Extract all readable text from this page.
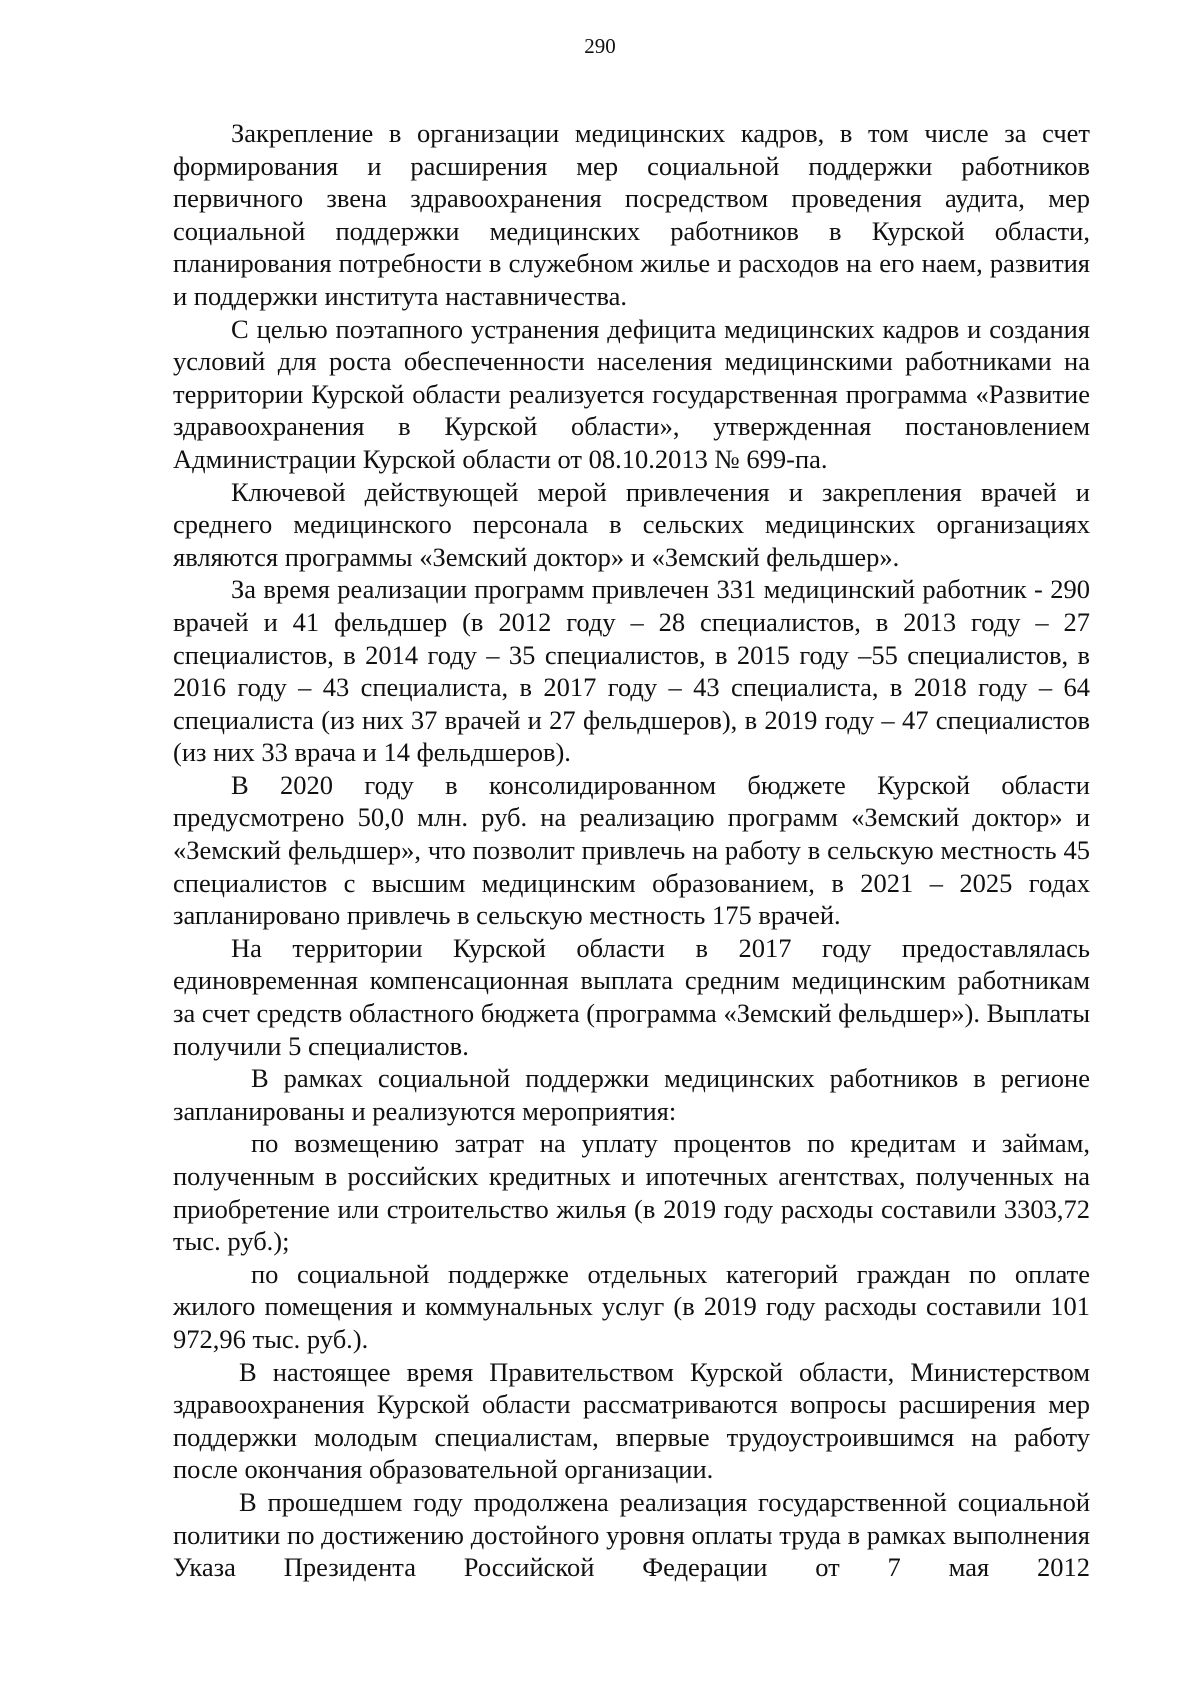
290

Закрепление в организации медицинских кадров, в том числе за счет формирования и расширения мер социальной поддержки работников первичного звена здравоохранения посредством проведения аудита, мер социальной поддержки медицинских работников в Курской области, планирования потребности в служебном жилье и расходов на его наем, развития и поддержки института наставничества.

С целью поэтапного устранения дефицита медицинских кадров и создания условий для роста обеспеченности населения медицинскими работниками на территории Курской области реализуется государственная программа «Развитие здравоохранения в Курской области», утвержденная постановлением Администрации Курской области от 08.10.2013 № 699-па.

Ключевой действующей мерой привлечения и закрепления врачей и среднего медицинского персонала в сельских медицинских организациях являются программы «Земский доктор» и «Земский фельдшер».

За время реализации программ привлечен 331 медицинский работник - 290 врачей и 41 фельдшер (в 2012 году – 28 специалистов, в 2013 году – 27 специалистов, в 2014 году – 35 специалистов, в 2015 году –55 специалистов, в 2016 году – 43 специалиста, в 2017 году – 43 специалиста, в 2018 году – 64 специалиста (из них 37 врачей и 27 фельдшеров), в 2019 году – 47 специалистов (из них 33 врача и 14 фельдшеров).

В 2020 году в консолидированном бюджете Курской области предусмотрено 50,0 млн. руб. на реализацию программ «Земский доктор» и «Земский фельдшер», что позволит привлечь на работу в сельскую местность 45 специалистов с высшим медицинским образованием, в 2021 – 2025 годах запланировано привлечь в сельскую местность 175 врачей.

На территории Курской области в 2017 году предоставлялась единовременная компенсационная выплата средним медицинским работникам за счет средств областного бюджета (программа «Земский фельдшер»). Выплаты получили 5 специалистов.

В рамках социальной поддержки медицинских работников в регионе запланированы и реализуются мероприятия:

по возмещению затрат на уплату процентов по кредитам и займам, полученным в российских кредитных и ипотечных агентствах, полученных на приобретение или строительство жилья (в 2019 году расходы составили 3303,72 тыс. руб.);

по социальной поддержке отдельных категорий граждан по оплате жилого помещения и коммунальных услуг (в 2019 году расходы составили 101 972,96 тыс. руб.).

В настоящее время Правительством Курской области, Министерством здравоохранения Курской области рассматриваются вопросы расширения мер поддержки молодым специалистам, впервые трудоустроившимся на работу после окончания образовательной организации.

В прошедшем году продолжена реализация государственной социальной политики по достижению достойного уровня оплаты труда в рамках выполнения Указа Президента Российской Федерации от 7 мая 2012
